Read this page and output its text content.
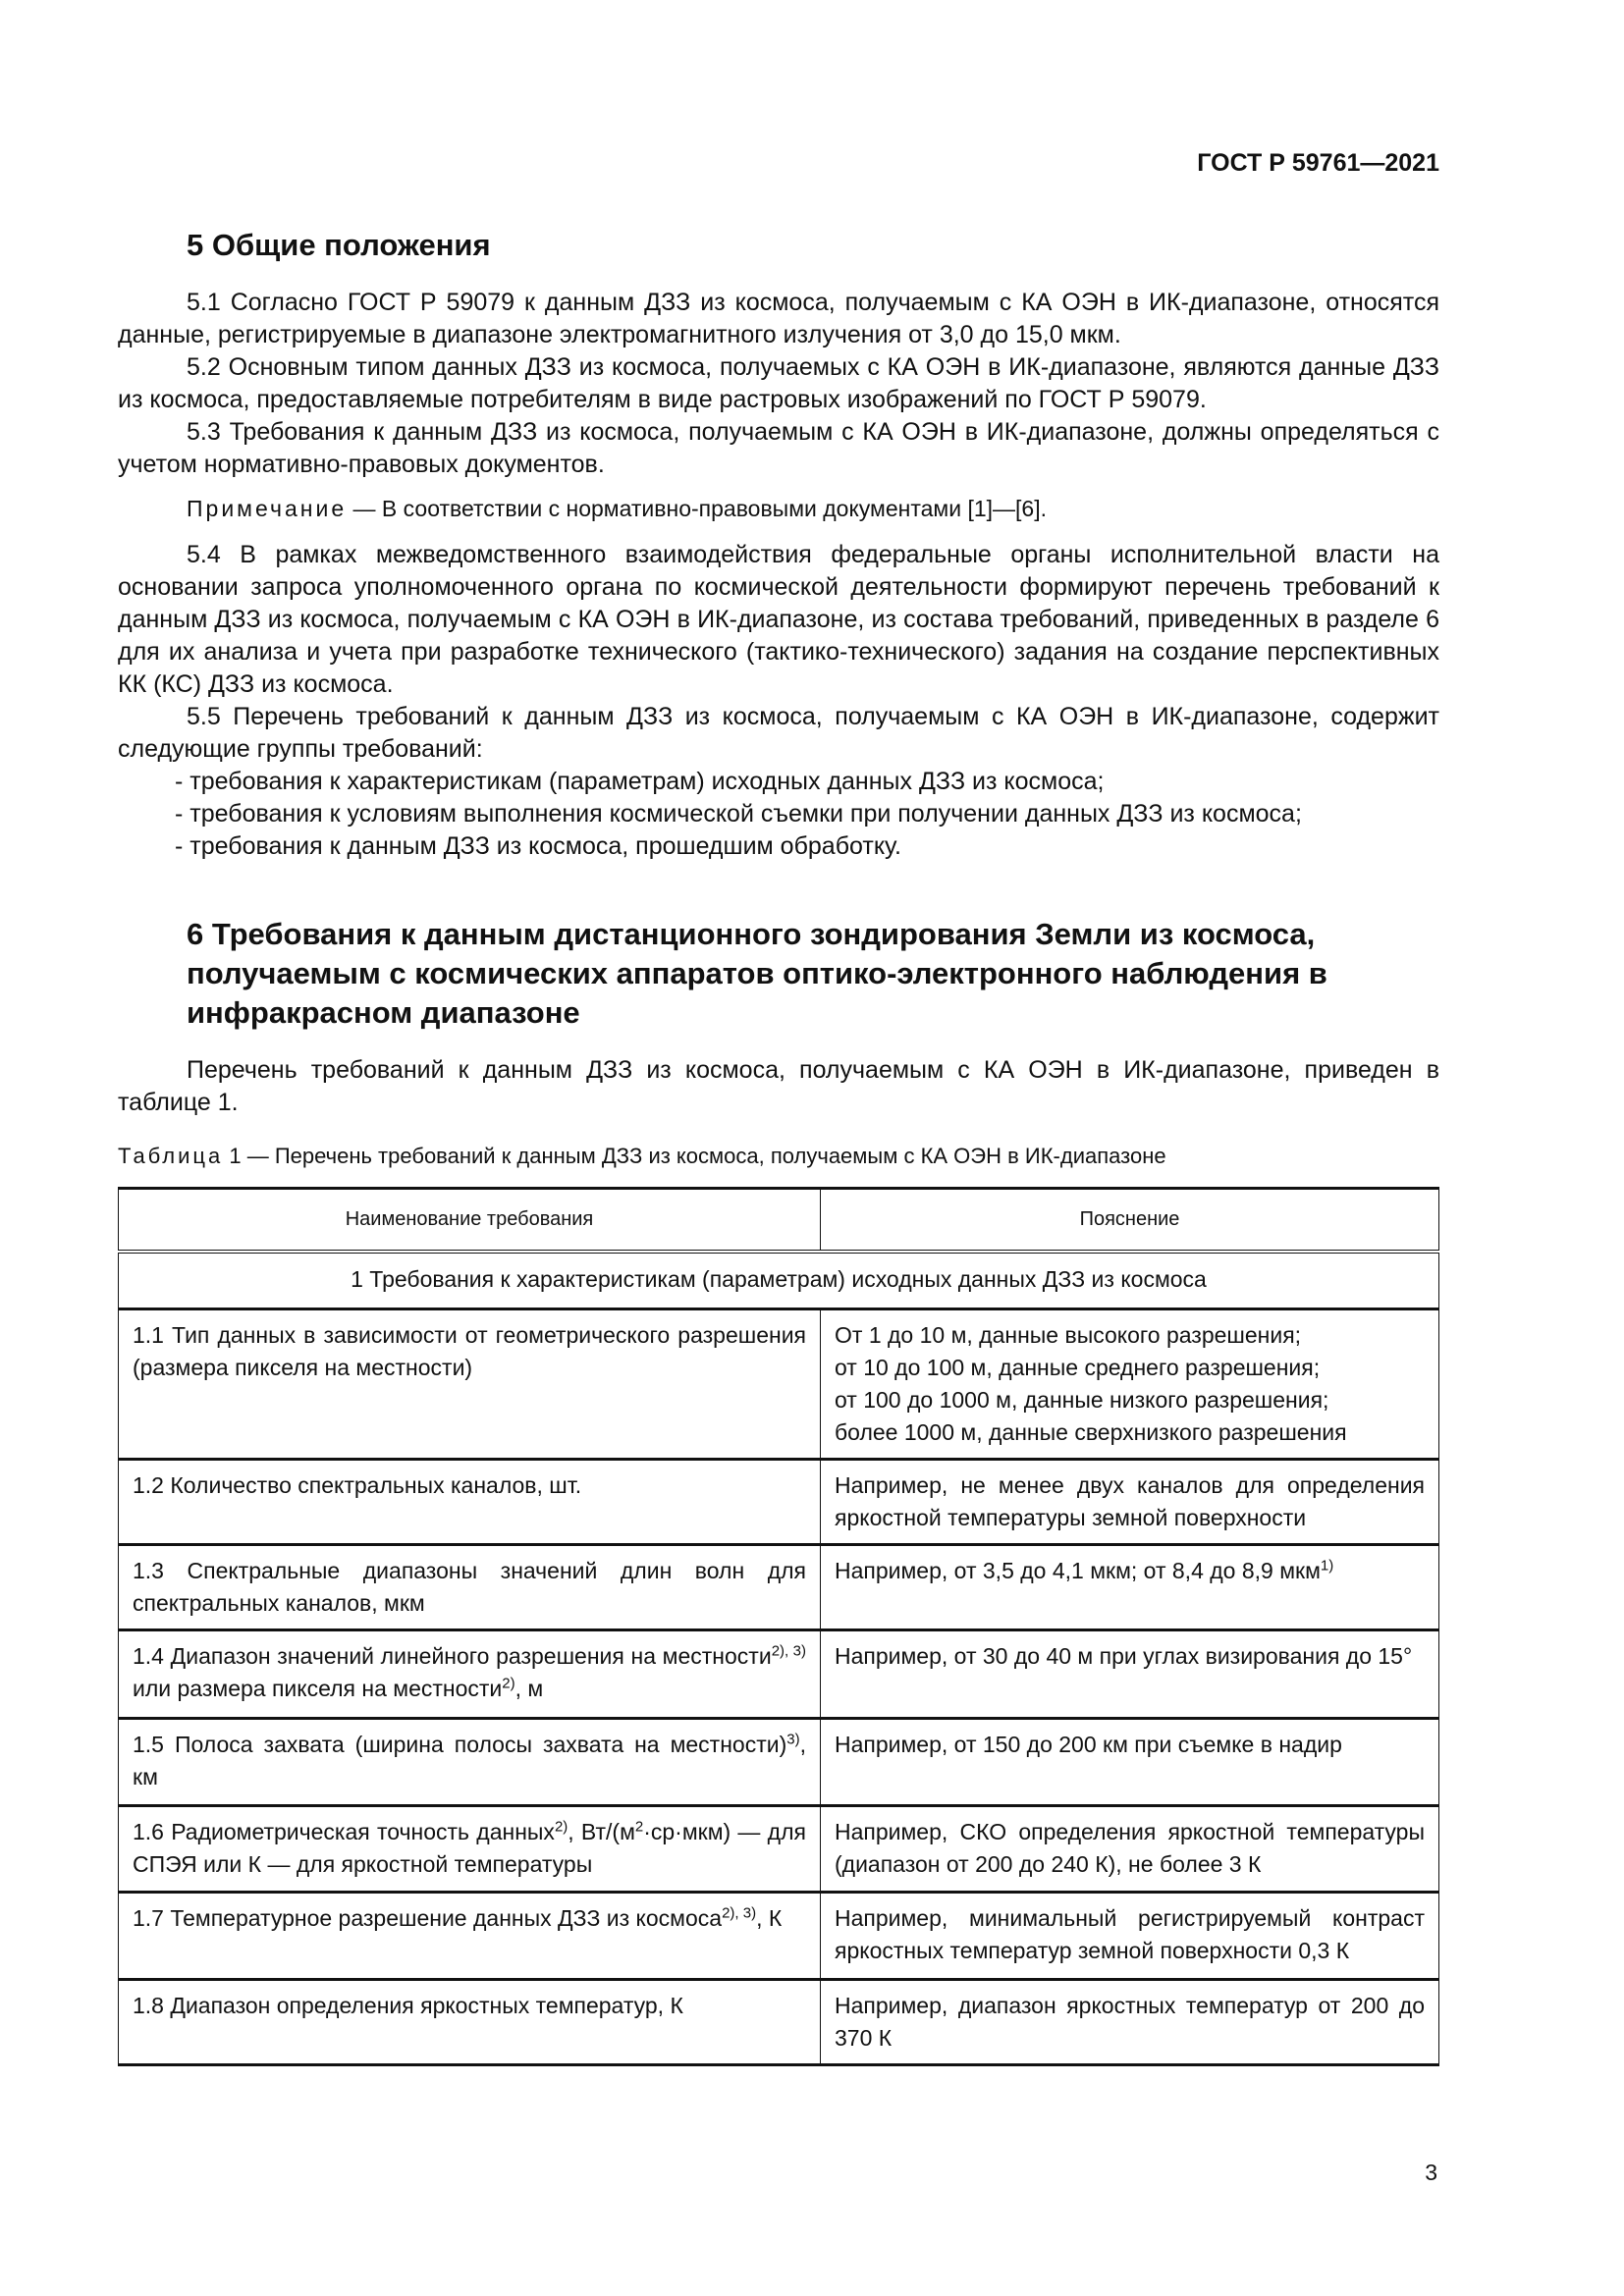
ГОСТ Р 59761—2021
5 Общие положения

5.1 Согласно ГОСТ Р 59079 к данным ДЗЗ из космоса, получаемым с КА ОЭН в ИК-диапазоне, относятся данные, регистрируемые в диапазоне электромагнитного излучения от 3,0 до 15,0 мкм.

5.2 Основным типом данных ДЗЗ из космоса, получаемых с КА ОЭН в ИК-диапазоне, являются данные ДЗЗ из космоса, предоставляемые потребителям в виде растровых изображений по ГОСТ Р 59079.

5.3 Требования к данным ДЗЗ из космоса, получаемым с КА ОЭН в ИК-диапазоне, должны определяться с учетом нормативно-правовых документов.

Примечание — В соответствии с нормативно-правовыми документами [1]—[6].

5.4 В рамках межведомственного взаимодействия федеральные органы исполнительной власти на основании запроса уполномоченного органа по космической деятельности формируют перечень требований к данным ДЗЗ из космоса, получаемым с КА ОЭН в ИК-диапазоне, из состава требований, приведенных в разделе 6 для их анализа и учета при разработке технического (тактико-технического) задания на создание перспективных КК (КС) ДЗЗ из космоса.

5.5 Перечень требований к данным ДЗЗ из космоса, получаемым с КА ОЭН в ИК-диапазоне, содержит следующие группы требований:

- требования к характеристикам (параметрам) исходных данных ДЗЗ из космоса;

- требования к условиям выполнения космической съемки при получении данных ДЗЗ из космоса;

- требования к данным ДЗЗ из космоса, прошедшим обработку.

6 Требования к данным дистанционного зондирования Земли из космоса, получаемым с космических аппаратов оптико-электронного наблюдения в инфракрасном диапазоне

Перечень требований к данным ДЗЗ из космоса, получаемым с КА ОЭН в ИК-диапазоне, приведен в таблице 1.

Таблица 1 — Перечень требований к данным ДЗЗ из космоса, получаемым с КА ОЭН в ИК-диапазоне
Наименование требования	Пояснение
1 Требования к характеристикам (параметрам) исходных данных ДЗЗ из космоса	
1.1 Тип данных в зависимости от геометрического разрешения (размера пикселя на местности)	От 1 до 10 м, данные высокого разрешения;
от 10 до 100 м, данные среднего разрешения;
от 100 до 1000 м, данные низкого разрешения;
более 1000 м, данные сверхнизкого разрешения

1.2 Количество спектральных каналов, шт.	Например, не менее двух каналов для определения яркостной температуры земной поверхности
1.3 Спектральные диапазоны значений длин волн для спектральных каналов, мкм	Например, от 3,5 до 4,1 мкм; от 8,4 до 8,9 мкм$^{1)}$
1.4 Диапазон значений линейного разрешения на местности$^{2), 3)}$ или размера пикселя на местности$^{2)}$, м	Например, от 30 до 40 м при углах визирования до 15°
1.5 Полоса захвата (ширина полосы захвата на местности)$^{3)}$, км	Например, от 150 до 200 км при съемке в надир
1.6 Радиометрическая точность данных$^{2)}$, $Вт/(м^2\cdot ср\cdot мкм)$ — для СПЭЯ или К — для яркостной температуры	Например, СКО определения яркостной температуры (диапазон от 200 до 240 К), не более 3 К
1.7 Температурное разрешение данных ДЗЗ из космоса$^{2), 3)}$, К	Например, минимальный регистрируемый контраст яркостных температур земной поверхности 0,3 К
1.8 Диапазон определения яркостных температур, К	Например, диапазон яркостных температур от 200 до 370 К
3
